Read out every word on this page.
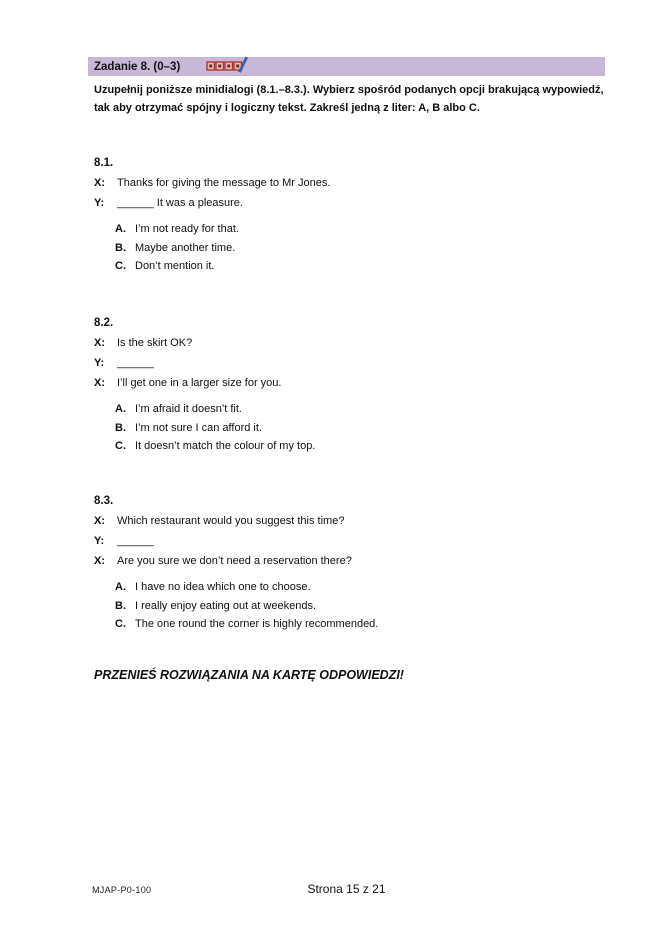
Zadanie 8. (0–3)
Uzupełnij poniższe minidialogi (8.1.–8.3.). Wybierz spośród podanych opcji brakującą wypowiedź, tak aby otrzymać spójny i logiczny tekst. Zakreśl jedną z liter: A, B albo C.
8.1.
X: Thanks for giving the message to Mr Jones.
Y: ______ It was a pleasure.
A. I’m not ready for that.
B. Maybe another time.
C. Don’t mention it.
8.2.
X: Is the skirt OK?
Y: ______
X: I’ll get one in a larger size for you.
A. I’m afraid it doesn’t fit.
B. I’m not sure I can afford it.
C. It doesn’t match the colour of my top.
8.3.
X: Which restaurant would you suggest this time?
Y: ______
X: Are you sure we don’t need a reservation there?
A. I have no idea which one to choose.
B. I really enjoy eating out at weekends.
C. The one round the corner is highly recommended.
PRZENIEŚ ROZWIĄZANIA NA KARTĘ ODPOWIEDZI!
MJAP-P0-100	Strona 15 z 21
